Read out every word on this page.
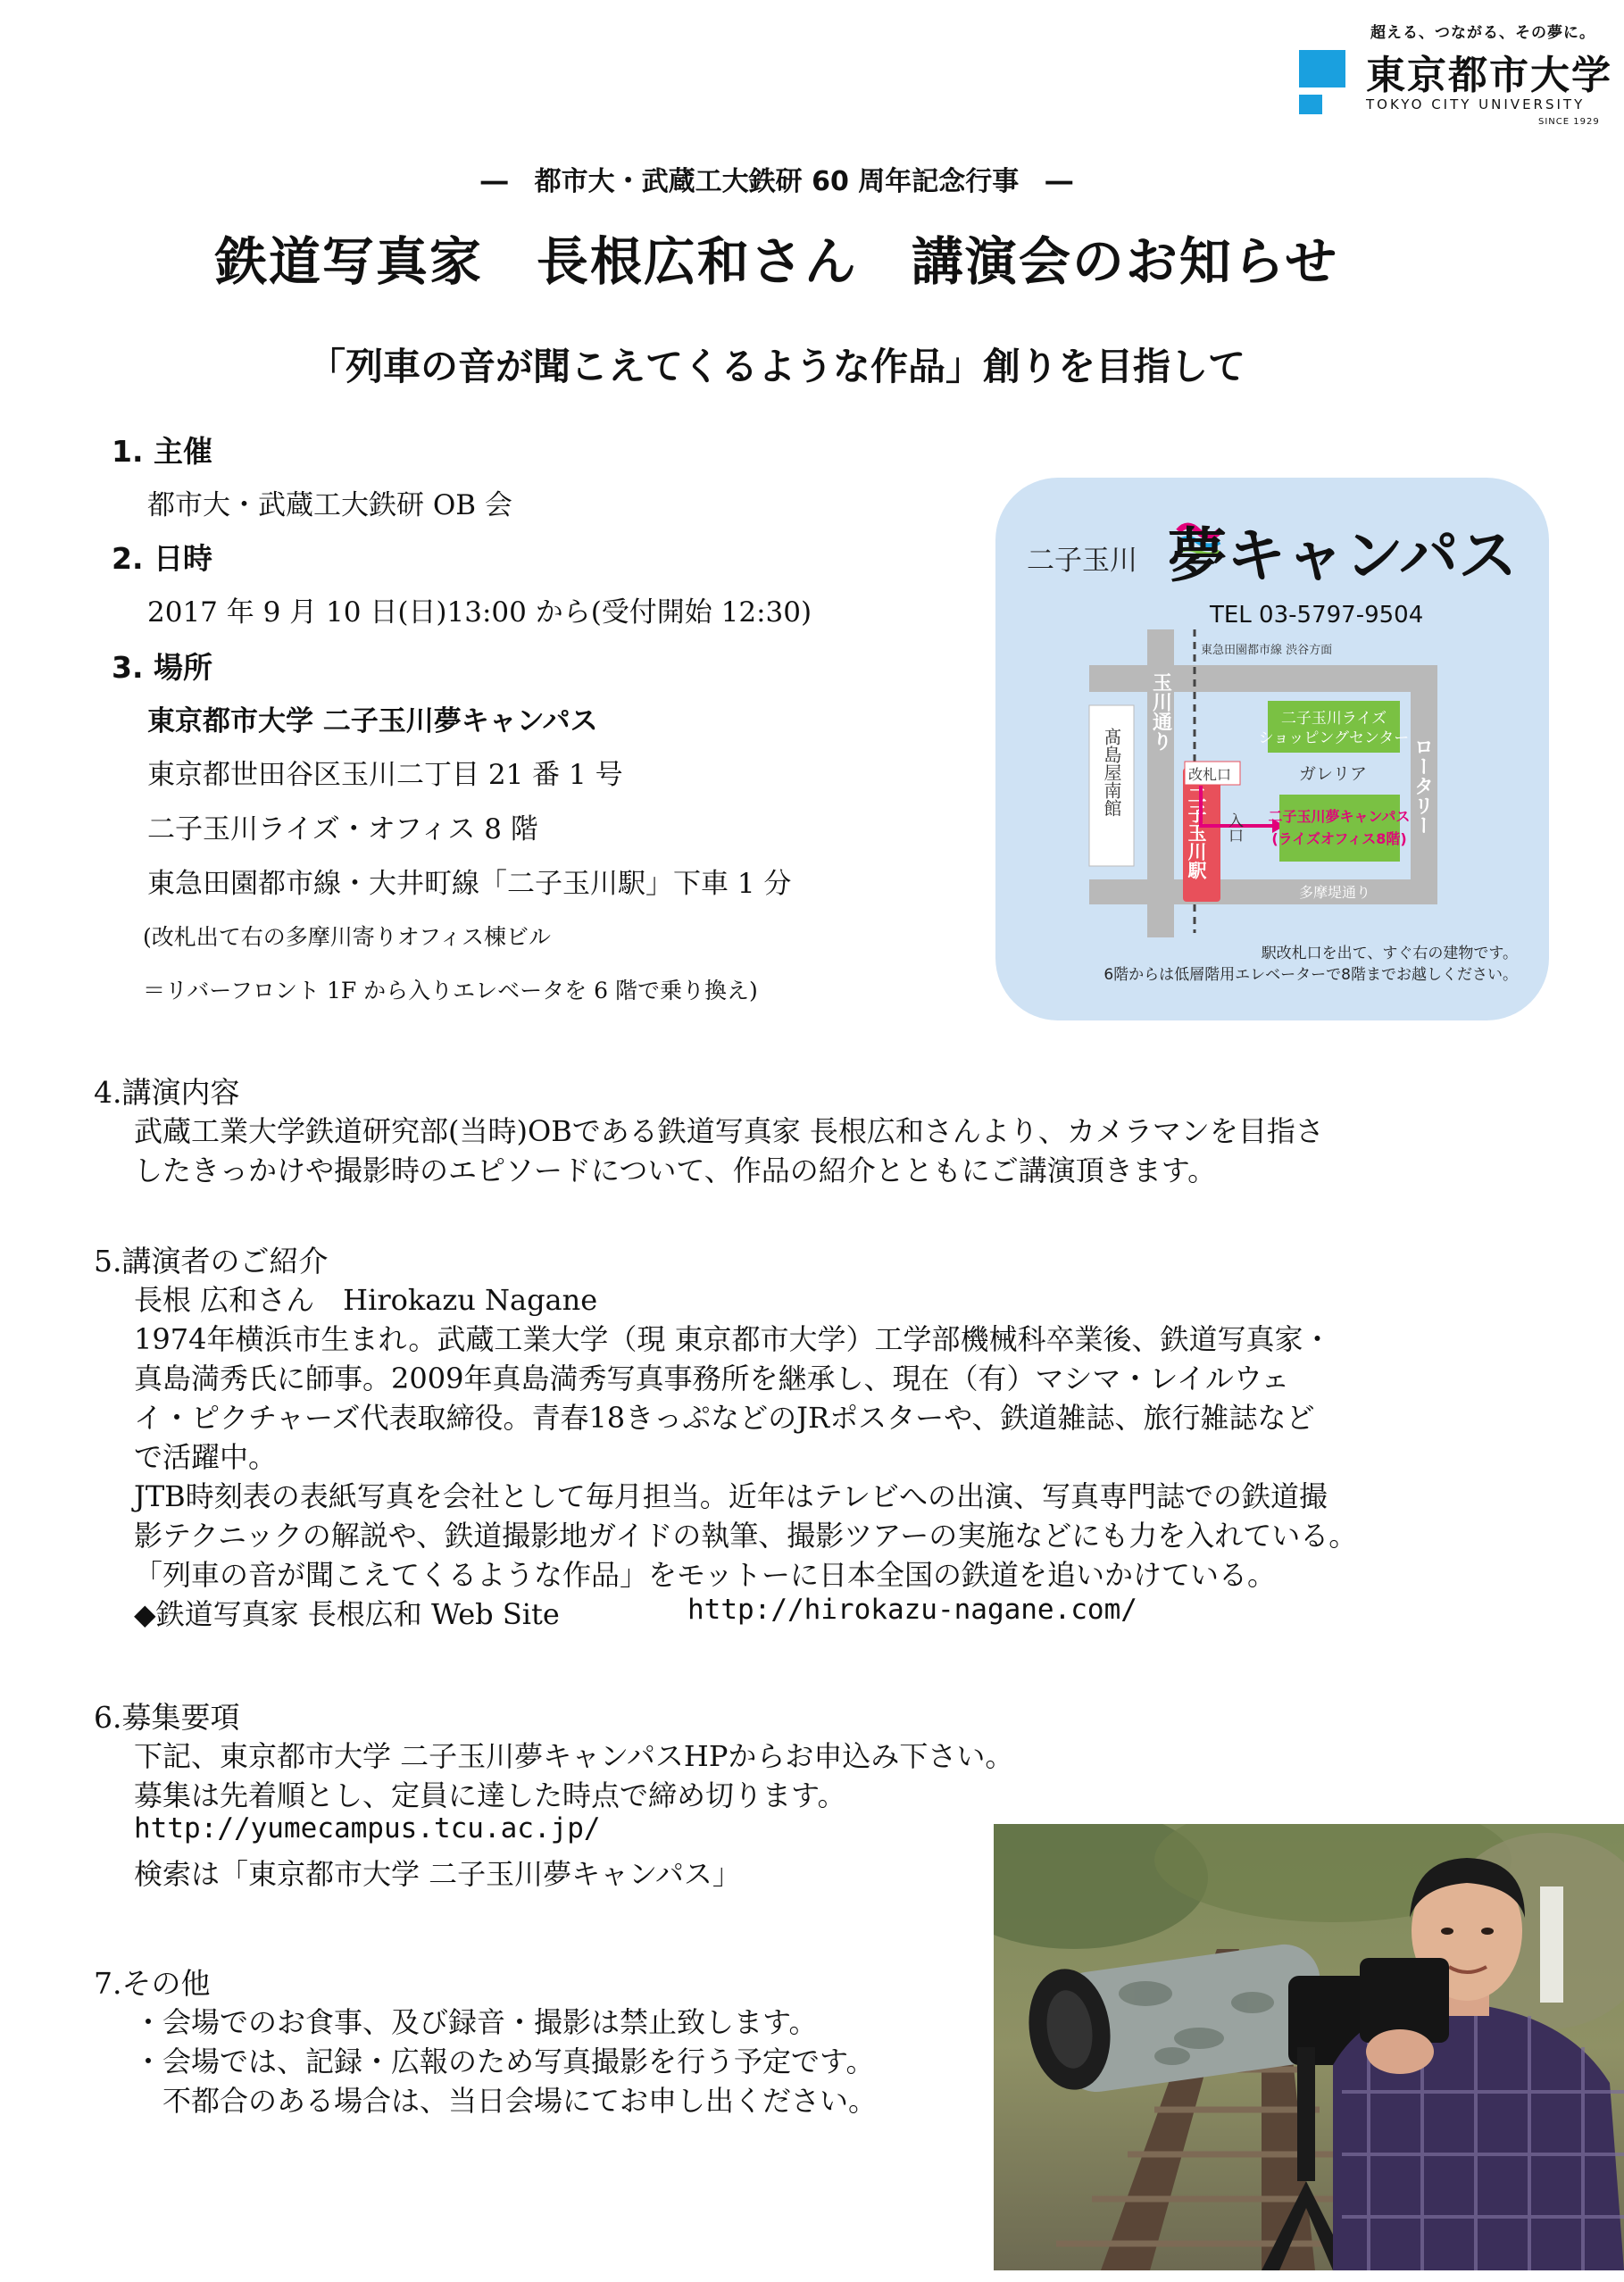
超える、つながる、その夢に。
東京都市大学
TOKYO CITY UNIVERSITY
SINCE 1929
―　都市大・武蔵工大鉄研 60 周年記念行事　―
鉄道写真家　長根広和さん　講演会のお知らせ
「列車の音が聞こえてくるような作品」創りを目指して
1. 主催
都市大・武蔵工大鉄研 OB 会
2. 日時
2017 年 9 月 10 日(日)13:00 から(受付開始 12:30)
3. 場所
東京都市大学 二子玉川夢キャンパス
東京都世田谷区玉川二丁目 21 番 1 号
二子玉川ライズ・オフィス 8 階
東急田園都市線・大井町線「二子玉川駅」下車 1 分
(改札出て右の多摩川寄りオフィス棟ビル
＝リバーフロント 1F から入りエレベータを 6 階で乗り換え)
二子玉川 夢キャンパス
TEL 03-5797-9504
東急田園都市線 渋谷方面
髙島屋南館
玉川通り
二子玉川駅
改札口
入口
二子玉川ライズ
ショッピングセンター
ガレリア
二子玉川夢キャンパス
(ライズオフィス8階)
ロータリー
多摩堤通り
駅改札口を出て、すぐ右の建物です。
6階からは低層階用エレベーターで8階までお越しください。
4.講演内容
武蔵工業大学鉄道研究部(当時)OBである鉄道写真家 長根広和さんより、カメラマンを目指さ
したきっかけや撮影時のエピソードについて、作品の紹介とともにご講演頂きます。
5.講演者のご紹介
長根 広和さん　Hirokazu Nagane
1974年横浜市生まれ。武蔵工業大学（現 東京都市大学）工学部機械科卒業後、鉄道写真家・
真島満秀氏に師事。2009年真島満秀写真事務所を継承し、現在（有）マシマ・レイルウェ
イ・ピクチャーズ代表取締役。青春18きっぷなどのJRポスターや、鉄道雑誌、旅行雑誌など
で活躍中。
JTB時刻表の表紙写真を会社として毎月担当。近年はテレビへの出演、写真専門誌での鉄道撮
影テクニックの解説や、鉄道撮影地ガイドの執筆、撮影ツアーの実施などにも力を入れている。
「列車の音が聞こえてくるような作品」をモットーに日本全国の鉄道を追いかけている。
◆鉄道写真家 長根広和 Web Site	http://hirokazu-nagane.com/
6.募集要項
下記、東京都市大学 二子玉川夢キャンパスHPからお申込み下さい。
募集は先着順とし、定員に達した時点で締め切ります。
http://yumecampus.tcu.ac.jp/
検索は「東京都市大学 二子玉川夢キャンパス」
7.その他
・会場でのお食事、及び録音・撮影は禁止致します。
・会場では、記録・広報のため写真撮影を行う予定です。
　不都合のある場合は、当日会場にてお申し出ください。
